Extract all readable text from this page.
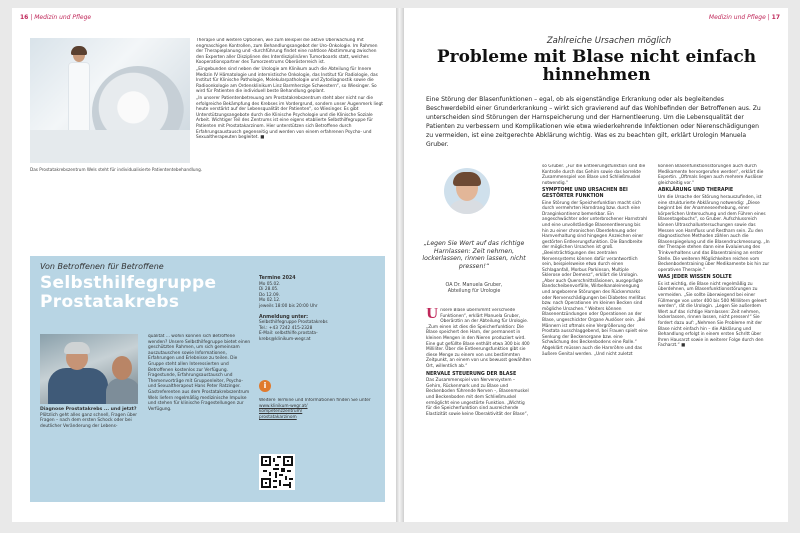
16 | Medizin und Pflege
Das Prostatakrebszentrum Wels steht für individualisierte Patiententebehandlung.

Therapie und weitere Optionen, wie zum Beispiel die aktive Überwachung mit engmaschigen Kontrollen, zum Behandlungsangebot der Uro-Onkologie. Im Rahmen der Therapieplanung und -durchführung findet eine nahtlose Abstimmung zwischen den Experten aller Disziplinen des Interdisziplinären Tumorboards statt, welches Kooperationspartner des Tumorzentrums Oberösterreich ist.

„Eingebunden sind neben der Urologie am Klinikum auch die Abteilung für Innere Medizin IV Hämatologie und internistische Onkologie, das Institut für Radiologie, das Institut für Klinische Pathologie, Molekularpathologie und Zytodiagnostik sowie die Radioonkologie am Ordensklinikum Linz Barmherzige Schwestern“, so Wiesinger. So wird für Patienten die individuell beste Behandlung geplant.

„In unserer Patientenbetreuung am Prostatakrebszentrum steht aber nicht nur die erfolgreiche Bekämpfung des Krebses im Vordergrund, sondern unser Augenmerk liegt heute verstärkt auf der Lebensqualität der Patienten“, so Wiesinger. Es gibt Unterstützungsangebote durch die Klinische Psychologie und die Klinische Soziale Arbeit. Wichtiger Teil des Zentrums ist eine eigens etablierte Selbsthilfegruppe für Patienten mit Prostatakarzinom. Hier unterstützen sich Betroffene durch Erfahrungsaustausch gegenseitig und werden von einem erfahrenen Psycho- und Sexualtherapeuten begleitet. ■

Von Betroffenen für Betroffene
Selbsthilfegruppe
Prostatakrebs
Diagnose Prostatakrebs ... und jetzt?
Plötzlich geht alles ganz schnell, Fragen über Fragen – nach dem ersten Schock oder bei deutlicher Veränderung der Lebens-

qualität ... wohin können sich Betroffene wenden? Unsere Selbsthilfegruppe bietet einen geschützten Rahmen, um sich gemeinsam auszutauschen sowie Informationen, Erfahrungen und Erlebnisse zu teilen. Die Gruppe steht allen Interessierten und Betroffenen kostenlos zur Verfügung. Fragestunde, Erfahrungsaustausch und Themenvorträge mit Gruppenleiter, Psycho- und Sexualtherapeut Hans Peter Ratzinger. Gastreferenten aus dem Prostatakrebszentrum Wels liefern regelmäßig medizinische Impulse und stehen für klinische Fragestellungen zur Verfügung.

Termine 2024
Mo 05.02.
Di 28.05.
Do 12.09.
Mo 02.12.
jeweils 18:00 bis 20:00 Uhr
Anmeldung unter:
Selbsthilfegruppe Prostatakrebs
Tel.: +43 7242 415-2328
E-Mail: selbsthilfe.prostata-
krebs@klinikum-wegr.at
i
Weitere Termine und Informationen finden Sie unter
www.klinikum-wegr.at/
kompetenzzentrum/
prostatakarzinom
Medizin und Pflege | 17
Zahlreiche Ursachen möglich
Probleme mit Blase nicht einfach hinnehmen
Eine Störung der Blasenfunktionen – egal, ob als eigenständige Erkrankung oder als begleitendes Beschwerdebild einer Grunderkrankung – wirkt sich gravierend auf das Wohlbefinden der Betroffenen aus. Zu unterscheiden sind Störungen der Harnspeicherung und der Harnentleerung. Um die Lebensqualität der Patienten zu verbessern und Komplikationen wie etwa wiederkehrende Infektionen oder Nierenschädigungen zu vermeiden, ist eine zeitgerechte Abklärung wichtig. Was es zu beachten gilt, erklärt Urologin Manuela Gruber.
„Legen Sie Wert auf das richtige Harnlassen: Zeit nehmen, lockerlassen, rinnen lassen, nicht pressen!“
OA Dr. Manuela Gruber,
Abteilung für Urologie

Unsere Blase übernimmt verschiede Funktionen“, erklärt Manuela Gruber, Oberärztin an der Abteilung für Urologie. „Zum einen ist dies die Speicherfunktion: Die Blase speichert den Harn, der permanent in kleinen Mengen in den Nieren produziert wird. Eine gut gefüllte Blase enthält etwa 300 bis 400 Milliliter. Über die Entleerungsfunktion gibt sie diese Menge zu einem von uns bestimmten Zeitpunkt, an einem von uns bewusst gewählten Ort, willentlich ab.“

NERVALE STEUERUNG DER BLASE

Das Zusammenspiel von Nervensystem – Gehirn, Rückenmark und zu Blase und Beckenboden führende Nerven –, Blasenmuskel und Beckenboden mit dem Schließmuskel ermöglicht eine ungestörte Funktion. „Wichtig für die Speicherfunktion sind ausreichende Elastizität sowie keine Überaktivität der Blase“,

so Gruber. „Für die Entleerungsfunktion sind die Kontrolle durch das Gehirn sowie das korrekte Zusammenspiel von Blase und Schließmuskel notwendig.“

SYMPTOME UND URSACHEN BEI GESTÖRTER FUNKTION

Eine Störung der Speicherfunktion macht sich durch vermehrten Harndrang bzw. durch eine Dranginkontinenz bemerkbar. Ein angeschwächter oder unterbrochener Harnstrahl und eine unvollständige Blasenentleerung bis hin zu einer chronischen Überdehnung oder Harnverhaltung sind hingegen Anzeichen einer gestörten Entleerungsfunktion. Die Bandbreite der möglichen Ursachen ist groß. „Beeinträchtigungen des zentralen Nervensystems können dafür verantwortlich sein, beispielsweise etwa durch einen Schlaganfall, Morbus Parkinson, Multiple Sklerose oder Demenz“, erklärt die Urologin. „Aber auch Querschnittsläsionen, ausgeprägte Bandscheibenvorfälle, Wirbelkanaleinengung und angeborene Störungen des Rückenmarks oder Nervenschädigungen bei Diabetes mellitus bzw. nach Operationen im kleinen Becken sind mögliche Ursachen.“ Weiters können Blasenentzündungen oder Operationen an der Blase, ungeschickter Organe Auslöser sein. „Bei Männern ist oftmals eine Vergrößerung der Prostata ausschlaggebend, bei Frauen spielt eine Senkung der Beckenorgane bzw. eine Schwächung des Beckenbodens eine Rolle.“ Abgeklärt müssen auch die Harnröhre und das äußere Genital werden. „Und nicht zuletzt

können Blasenfunktionsstörungen auch durch Medikamente hervorgerufen werden“, erklärt die Expertin. „Oftmals liegen auch mehrere Auslöser gleichzeitig vor.“

ABKLÄRUNG UND THERAPIE

Um die Ursache der Störung herauszufinden, ist eine strukturierte Abklärung notwendig: „Diese beginnt bei der Anamneseerhebung, einer körperlichen Untersuchung und dem Führen eines Blasentagebuchs“, so Gruber. Aufschlussreich können Ultraschalluntersuchungen sowie das Messen von Harnfluss und Restharn sein. Zu den diagnostischen Methoden zählen auch die Blasenspiegelung und die Blasendruckmessung. „In der Therapie stehen dann eine Evaluierung des Trinkverhaltens und das Blasentraining an erster Stelle. Die weiteren Möglichkeiten reichen vom Beckenbodentraining über Medikamente bis hin zur operativen Therapie.“

WAS JEDER WISSEN SOLLTE

Es ist wichtig, die Blase nicht regelmäßig zu überdehnen, um Blasenfunktionsstörungen zu vermeiden. „Sie sollte überwiegend bei einer Füllmenge von unter 400 bis 500 Millilitern geleert werden“, rät die Urologin. „Legen Sie außerdem Wert auf das richtige Harnlassen: Zeit nehmen, lockerlassen, rinnen lassen, nicht pressen!“ Sie fordert dazu auf: „Nehmen Sie Probleme mit der Blase nicht einfach hin – die Abklärung und Behandlung erfolgt in einem ersten Schritt über Ihren Hausarzt sowie in weiterer Folge durch den Facharzt.“ ■
